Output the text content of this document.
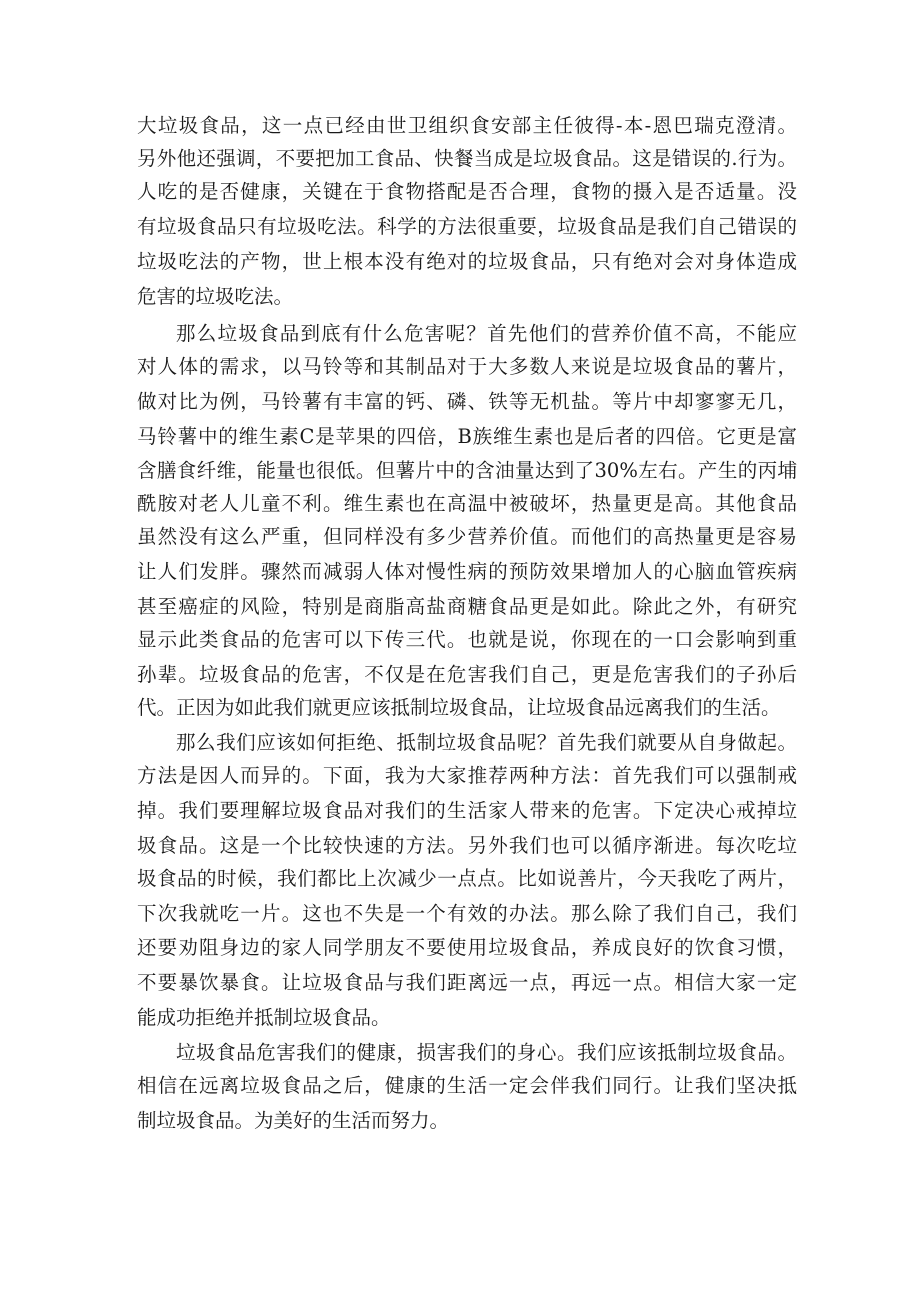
大垃圾食品，这一点已经由世卫组织食安部主任彼得-本-恩巴瑞克澄清。
另外他还强调，不要把加工食品、快餐当成是垃圾食品。这是错误的.行为。
人吃的是否健康，关键在于食物搭配是否合理，食物的摄入是否适量。没
有垃圾食品只有垃圾吃法。科学的方法很重要，垃圾食品是我们自己错误的
垃圾吃法的产物，世上根本没有绝对的垃圾食品，只有绝对会对身体造成
危害的垃圾吃法。
那么垃圾食品到底有什么危害呢？首先他们的营养价值不高，不能应
对人体的需求，以马铃等和其制品对于大多数人来说是垃圾食品的薯片，
做对比为例，马铃薯有丰富的钙、磷、铁等无机盐。等片中却寥寥无几，
马铃薯中的维生素C是苹果的四倍，B族维生素也是后者的四倍。它更是富
含膳食纤维，能量也很低。但薯片中的含油量达到了30%左右。产生的丙埔
酰胺对老人儿童不利。维生素也在高温中被破坏，热量更是高。其他食品
虽然没有这么严重，但同样没有多少营养价值。而他们的高热量更是容易
让人们发胖。骤然而减弱人体对慢性病的预防效果增加人的心脑血管疾病
甚至癌症的风险，特别是商脂高盐商糖食品更是如此。除此之外，有研究
显示此类食品的危害可以下传三代。也就是说，你现在的一口会影响到重
孙辈。垃圾食品的危害，不仅是在危害我们自己，更是危害我们的子孙后
代。正因为如此我们就更应该抵制垃圾食品，让垃圾食品远离我们的生活。
那么我们应该如何拒绝、抵制垃圾食品呢？首先我们就要从自身做起。
方法是因人而异的。下面，我为大家推荐两种方法：首先我们可以强制戒
掉。我们要理解垃圾食品对我们的生活家人带来的危害。下定决心戒掉垃
圾食品。这是一个比较快速的方法。另外我们也可以循序渐进。每次吃垃
圾食品的时候，我们都比上次减少一点点。比如说善片，今天我吃了两片，
下次我就吃一片。这也不失是一个有效的办法。那么除了我们自己，我们
还要劝阻身边的家人同学朋友不要使用垃圾食品，养成良好的饮食习惯，
不要暴饮暴食。让垃圾食品与我们距离远一点，再远一点。相信大家一定
能成功拒绝并抵制垃圾食品。
垃圾食品危害我们的健康，损害我们的身心。我们应该抵制垃圾食品。
相信在远离垃圾食品之后，健康的生活一定会伴我们同行。让我们坚决抵
制垃圾食品。为美好的生活而努力。
